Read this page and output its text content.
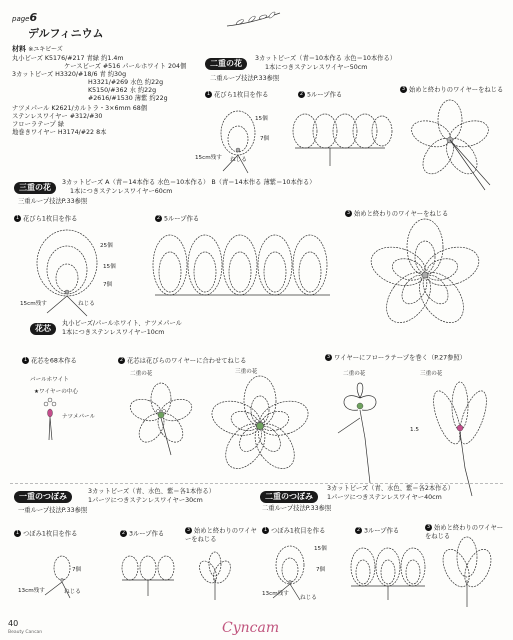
page6
デルフィニウム
材料 ※ユキビーズ
丸小ビーズ K5176/#217 青緑 約1.4m
ケースビーズ #516 パールホワイト 204個
3カットビーズ H3320/#18/6 青 約30g
H3321/#269 水色 約22g
K5150/#362 水 約22g
#2616/#1530 薄紫 約22g
ナツメパール K2621/カルトラ・3×6mm 68個
ステンレスワイヤー #312/#30
フローラテープ 緑
地巻きワイヤー H3174/#22 8本
二重の花
3カットビーズ（青＝10本作る 水色＝10本作る）
1本につきステンレスワイヤー50cm
二重ループ技法P.33参照
1 花びら1枚目を作る	2 5ループ作る
3 始めと終わりのワイヤーをねじる
15個
7個
15cm残す ねじる
三重の花
3カットビーズ A（青＝14本作る 水色＝10本作る） B（青＝14本作る 薄紫＝10本作る）
1本につきステンレスワイヤー60cm
三重ループ技法P.33参照
1 花びら1枚目を作る	2 5ループ作る
3 始めと終わりのワイヤーをねじる
25個
15個
7個
15cm残す	ねじる
花芯
丸小ビーズ/パールホワイト、ナツメパール
1本につきステンレスワイヤー10cm
1 花芯を68本作る	2 花芯は花びらのワイヤーに合わせてねじる
3 ワイヤーにフローラテープを巻く（P.27参照）
パールホワイト
★ワイヤーの中心
ナツメパール
二重の花	三重の花	二重の花	三重の花
1.5
一重のつぼみ
3カットビーズ（青、水色、紫＝各1本作る）
1パーツにつきステンレスワイヤー30cm
一重ループ技法P.33参照
1 つぼみ1枚目を作る	2 3ループ作る
3 始めと終わりのワイヤーをねじる
7個
13cm残す	ねじる
二重のつぼみ
3カットビーズ（青、水色、紫＝各2本作る）
1パーツにつきステンレスワイヤー40cm
二重ループ技法P.33参照
1 つぼみ1枚目を作る	2 3ループ作る
3 始めと終わりのワイヤーをねじる
15個
7個
13cm残す
ねじる
40
Beauty Cancan	Cyncam
